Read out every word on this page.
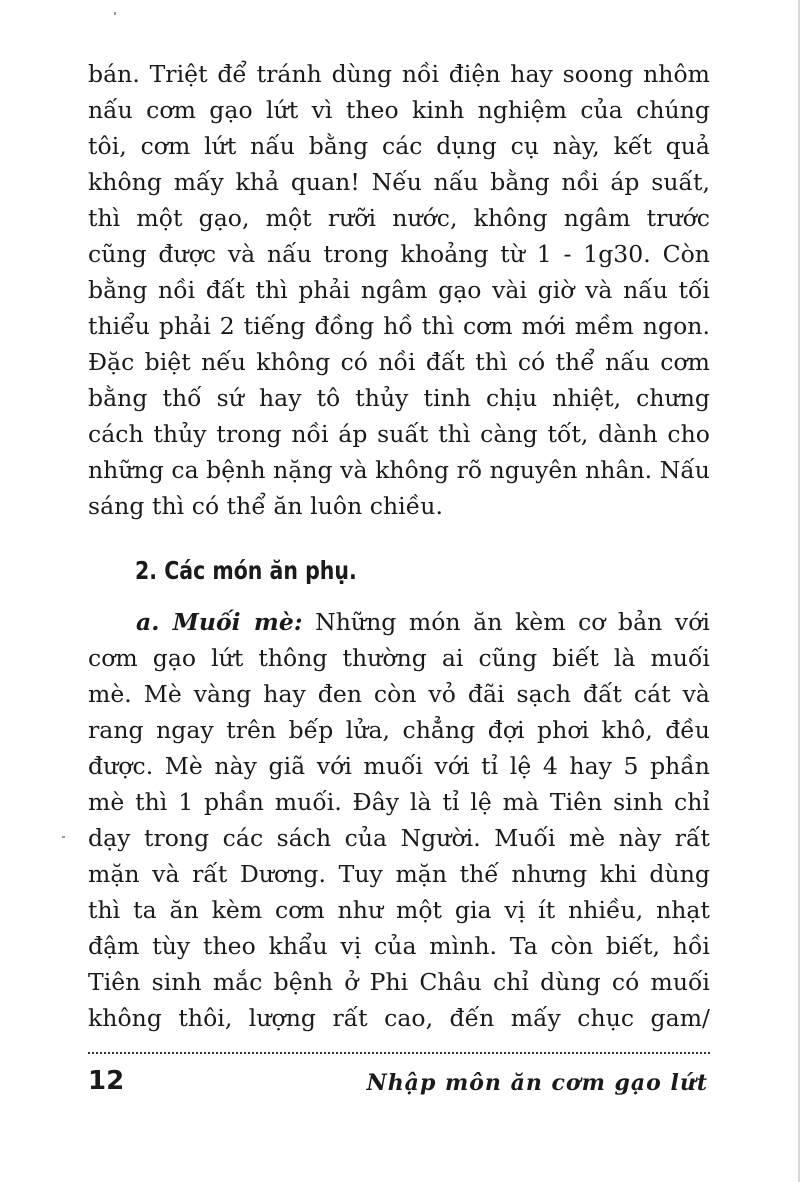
bán. Triệt để tránh dùng nồi điện hay soong nhôm
nấu cơm gạo lứt vì theo kinh nghiệm của chúng
tôi, cơm lứt nấu bằng các dụng cụ này, kết quả
không mấy khả quan! Nếu nấu bằng nồi áp suất,
thì một gạo, một rưỡi nước, không ngâm trước
cũng được và nấu trong khoảng từ 1 - 1g30. Còn
bằng nồi đất thì phải ngâm gạo vài giờ và nấu tối
thiểu phải 2 tiếng đồng hồ thì cơm mới mềm ngon.
Đặc biệt nếu không có nồi đất thì có thể nấu cơm
bằng thố sứ hay tô thủy tinh chịu nhiệt, chưng
cách thủy trong nồi áp suất thì càng tốt, dành cho
những ca bệnh nặng và không rõ nguyên nhân. Nấu
sáng thì có thể ăn luôn chiều.
2. Các món ăn phụ.
a. Muối mè: Những món ăn kèm cơ bản với
cơm gạo lứt thông thường ai cũng biết là muối
mè. Mè vàng hay đen còn vỏ đãi sạch đất cát và
rang ngay trên bếp lửa, chẳng đợi phơi khô, đều
được. Mè này giã với muối với tỉ lệ 4 hay 5 phần
mè thì 1 phần muối. Đây là tỉ lệ mà Tiên sinh chỉ
dạy trong các sách của Người. Muối mè này rất
mặn và rất Dương. Tuy mặn thế nhưng khi dùng
thì ta ăn kèm cơm như một gia vị ít nhiều, nhạt
đậm tùy theo khẩu vị của mình. Ta còn biết, hồi
Tiên sinh mắc bệnh ở Phi Châu chỉ dùng có muối
không thôi, lượng rất cao, đến mấy chục gam/
12	Nhập môn ăn cơm gạo lứt
